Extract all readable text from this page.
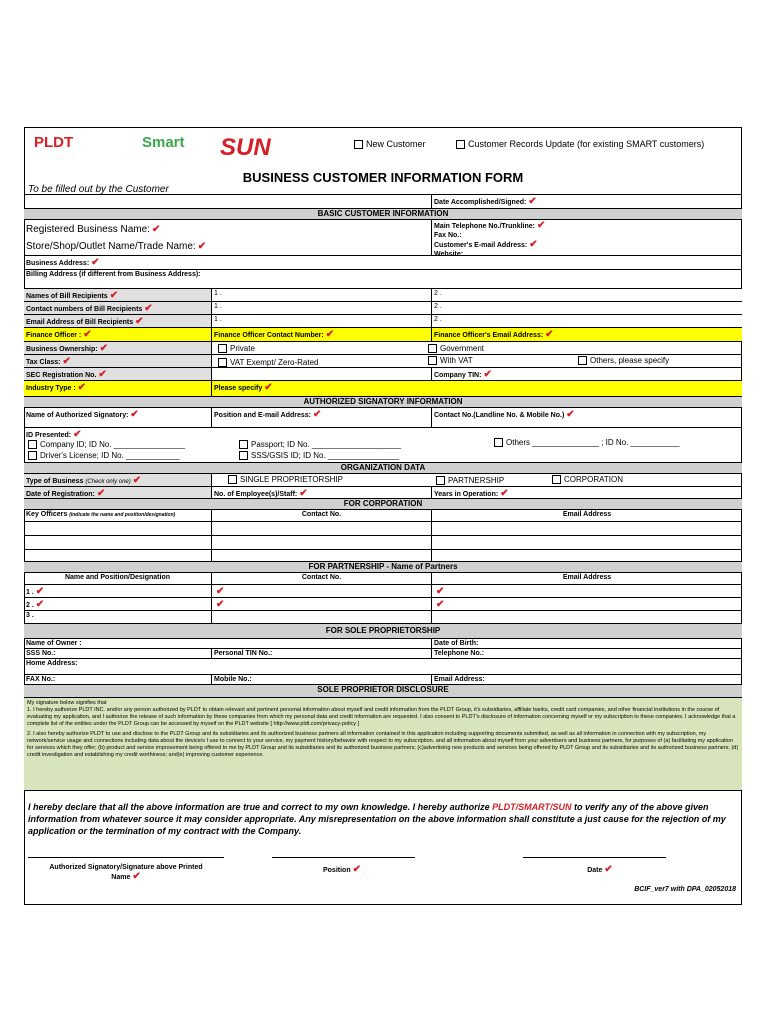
PLDT	Smart SUN	New Customer	Customer Records Update (for existing SMART customers)
BUSINESS CUSTOMER INFORMATION FORM
To be filled out by the Customer
Date Accomplished/Signed: ✔
BASIC CUSTOMER INFORMATION
Registered Business Name: ✔
Store/Shop/Outlet Name/Trade Name: ✔
Main Telephone No./Trunkline: ✔
Fax No.:
Customer's E-mail Address: ✔
Website:
Business Address: ✔
Billing Address (if different from Business Address):
Names of Bill Recipients ✔	1 .	2 .
Contact numbers of Bill Recipients ✔	1 .	2 .
Email Address of Bill Recipients ✔	1 .	2 .
Finance Officer : ✔	Finance Officer Contact Number: ✔	Finance Officer's Email Address: ✔
Business Ownership: ✔	Private	Government
Tax Class: ✔	VAT Exempt/ Zero-Rated	With VAT	Others, please specify
SEC Registration No. ✔	Company TIN: ✔
Industry Type : ✔	Please specify ✔
AUTHORIZED SIGNATORY INFORMATION
Name of Authorized Signatory: ✔	Position and E-mail Address: ✔	Contact No.(Landline No. & Mobile No.) ✔
ID Presented: ✔
Company ID; ID No. ________________	Passport; ID No. ____________________	Others _______________ ; ID No. ___________
Driver's License; ID No. ____________	SSS/GSIS ID; ID No. ________________
ORGANIZATION DATA
Type of Business (Check only one) ✔	SINGLE PROPRIETORSHIP	PARTNERSHIP	CORPORATION
Date of Registration: ✔	No. of Employee(s)/Staff: ✔	Years in Operation: ✔
FOR CORPORATION
Key Officers (indicate the name and position/designation)	Contact No.	Email Address
FOR PARTNERSHIP - Name of Partners
Name and Position/Designation	Contact No.	Email Address
1 . ✔	✔	✔
2 . ✔	✔	✔
3 .
FOR SOLE PROPRIETORSHIP
Name of Owner :	Date of Birth:
SSS No.:	Personal TIN No.:	Telephone No.:
Home Address:
FAX No.:	Mobile No.:	Email Address:
SOLE PROPRIETOR DISCLOSURE
My signature below signifies that
1. I hereby authorize PLDT INC. and/or any person authorized by PLDT to obtain relevant and pertinent personal information about myself and credit information from the PLDT Group, it's subsidiaries, affiliate banks, credit card companies, and other financial institutions in the course of evaluating my application, and I authorize the release of such information by these companies from which my personal data and credit information are requested. I also consent to PLDT's disclosure of information concerning myself or my subscription to these companies. I acknowledge that a complete list of the entities under the PLDT Group can be accessed by myself on the PLDT website [ http://www.pldt.com/privacy-policy ]
2. I also hereby authorize PLDT to use and disclose to the PLDT Group and its subsidiaries and its authorized business partners all information contained in this application including supporting documents submitted, as well as all information in connection with my subscription, my network/service usage and connections including data about the device/s I use to connect to your service, my payment history/behavior with respect to my subscription, and all information about myself from your advertisers and business partners, for purposes of (a) facilitating my application for services which they offer; (b) product and service improvement being offered to me by PLDT Group and its subsidiaries and its authorized business partners; (c)advertising new products and services being offered by PLDT Group and its subsidiaries and its authorized business partners; (d) credit investigation and establishing my credit worthiness; and(e) improving customer experience.
I hereby declare that all the above information are true and correct to my own knowledge. I hereby authorize PLDT/SMART/SUN to verify any of the above given information from whatever source it may consider appropriate. Any misrepresentation on the above information shall constitute a just cause for the rejection of my application or the termination of my contract with the Company.
Authorized Signatory/Signature above Printed Name ✔
Position ✔	Date ✔
BCIF_ver7 with DPA_02052018
